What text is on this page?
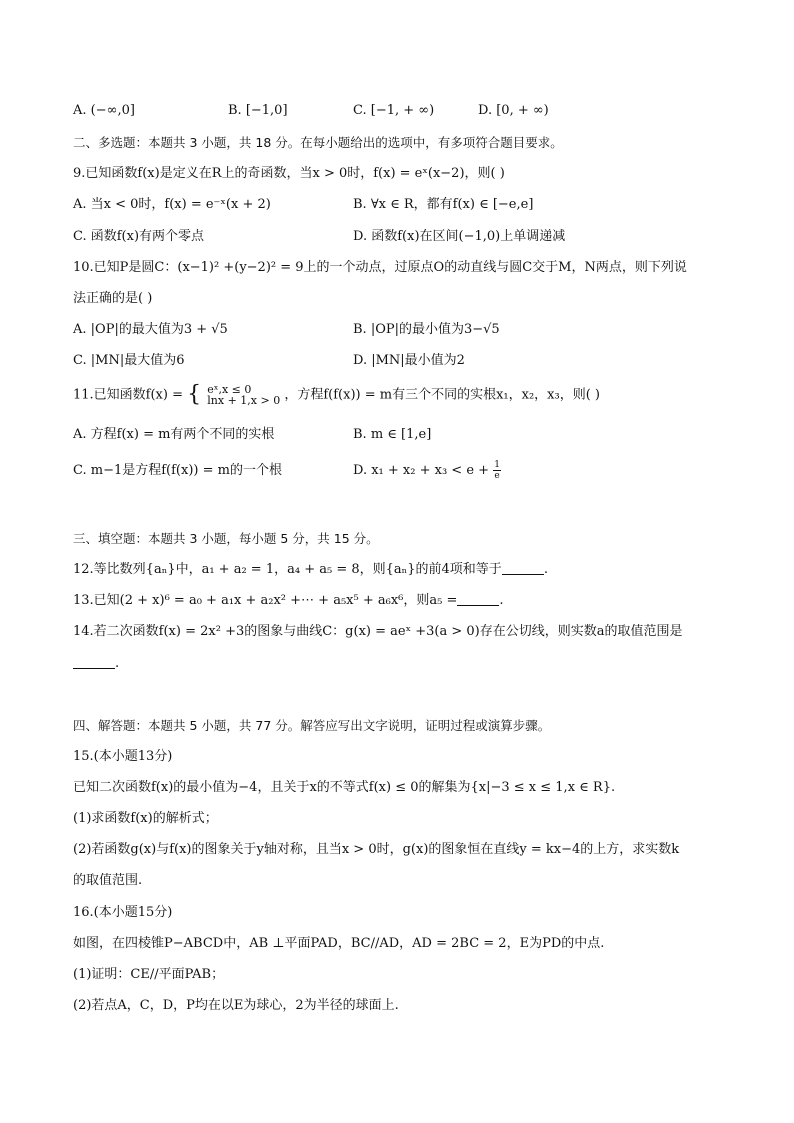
A. (−∞,0]	B. [−1,0]	C. [−1, + ∞)	D. [0, + ∞)
二、多选题：本题共 3 小题，共 18 分。在每小题给出的选项中，有多项符合题目要求。
9.已知函数f(x)是定义在R上的奇函数，当x > 0时，f(x) = eˣ(x−2)，则( )
A. 当x < 0时，f(x) = e⁻ˣ(x + 2)	B. ∀x ∈ R，都有f(x) ∈ [−e,e]
C. 函数f(x)有两个零点	D. 函数f(x)在区间(−1,0)上单调递减
10.已知P是圆C：(x−1)² +(y−2)² = 9上的一个动点，过原点O的动直线与圆C交于M，N两点，则下列说
法正确的是( )
A. |OP|的最大值为3 + √5	B. |OP|的最小值为3−√5
C. |MN|最大值为6	D. |MN|最小值为2
11.已知函数f(x) = { eˣ,x ≤ 0
lnx + 1,x > 0 ，方程f(f(x)) = m有三个不同的实根x₁，x₂，x₃，则( )
A. 方程f(x) = m有两个不同的实根	B. m ∈ [1,e]
C. m−1是方程f(f(x)) = m的一个根	D. $x_1 + x_2 + x_3 < e + \frac{1}{e}$
三、填空题：本题共 3 小题，每小题 5 分，共 15 分。
12.等比数列{aₙ}中，a₁ + a₂ = 1，a₄ + a₅ = 8，则{aₙ}的前4项和等于	.
13.已知(2 + x)⁶ = a₀ + a₁x + a₂x² +⋯ + a₅x⁵ + a₆x⁶，则a₅ =	.
14.若二次函数f(x) = 2x² +3的图象与曲线C：g(x) = aeˣ +3(a > 0)存在公切线，则实数a的取值范围是
.
四、解答题：本题共 5 小题，共 77 分。解答应写出文字说明，证明过程或演算步骤。
15.(本小题13分)
已知二次函数f(x)的最小值为−4，且关于x的不等式f(x) ≤ 0的解集为{x|−3 ≤ x ≤ 1,x ∈ R}.
(1)求函数f(x)的解析式；
(2)若函数g(x)与f(x)的图象关于y轴对称，且当x > 0时，g(x)的图象恒在直线y = kx−4的上方，求实数k
的取值范围.
16.(本小题15分)
如图，在四棱锥P−ABCD中，AB ⊥平面PAD，BC//AD，AD = 2BC = 2，E为PD的中点.
(1)证明：CE//平面PAB；
(2)若点A，C，D，P均在以E为球心，2为半径的球面上.
